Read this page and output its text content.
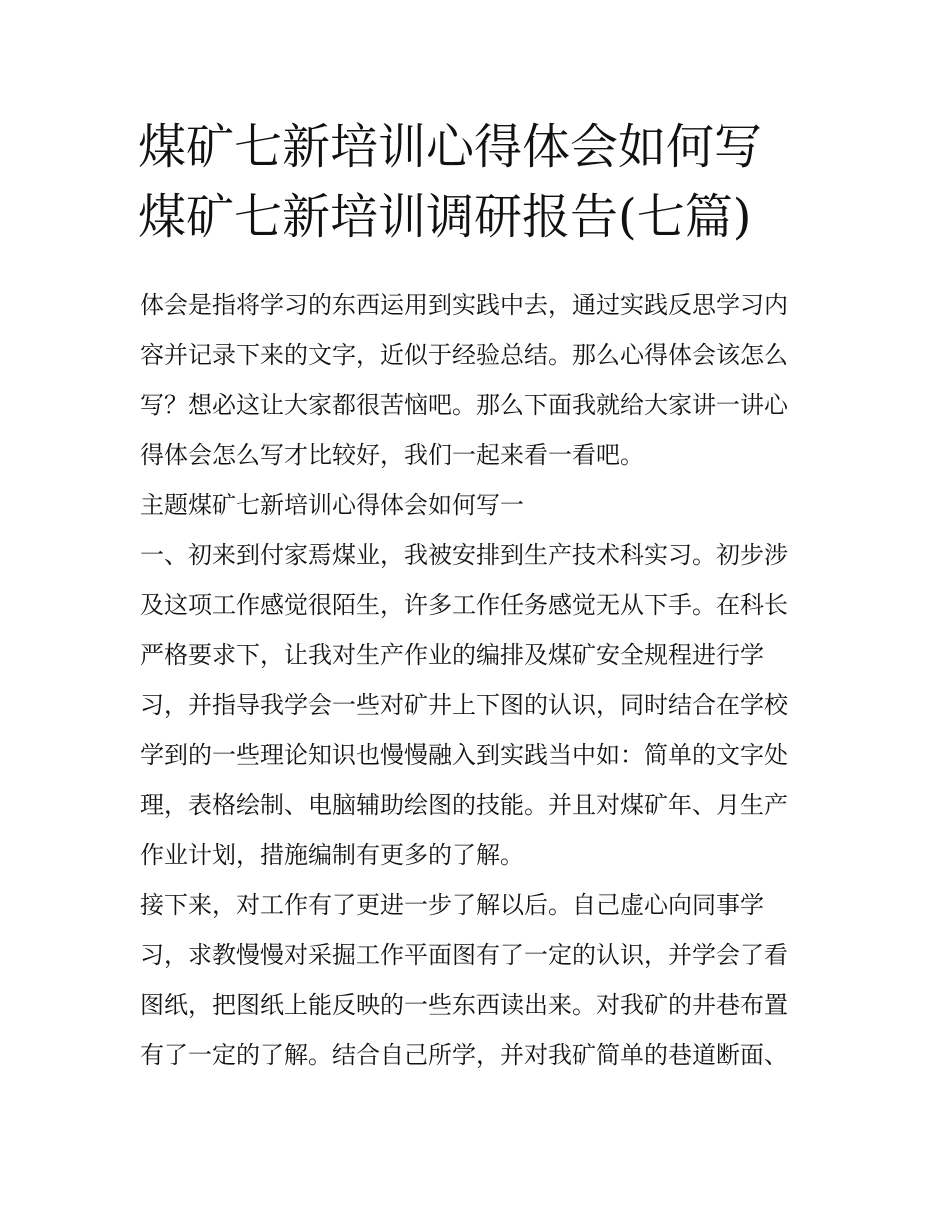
煤矿七新培训心得体会如何写
煤矿七新培训调研报告(七篇)

体会是指将学习的东西运用到实践中去，通过实践反思学习内
容并记录下来的文字，近似于经验总结。那么心得体会该怎么
写？想必这让大家都很苦恼吧。那么下面我就给大家讲一讲心
得体会怎么写才比较好，我们一起来看一看吧。

主题煤矿七新培训心得体会如何写一

一、初来到付家焉煤业，我被安排到生产技术科实习。初步涉
及这项工作感觉很陌生，许多工作任务感觉无从下手。在科长
严格要求下，让我对生产作业的编排及煤矿安全规程进行学
习，并指导我学会一些对矿井上下图的认识，同时结合在学校
学到的一些理论知识也慢慢融入到实践当中如：简单的文字处
理，表格绘制、电脑辅助绘图的技能。并且对煤矿年、月生产
作业计划，措施编制有更多的了解。

接下来，对工作有了更进一步了解以后。自己虚心向同事学
习，求教慢慢对采掘工作平面图有了一定的认识，并学会了看
图纸，把图纸上能反映的一些东西读出来。对我矿的井巷布置
有了一定的了解。结合自己所学，并对我矿简单的巷道断面、
